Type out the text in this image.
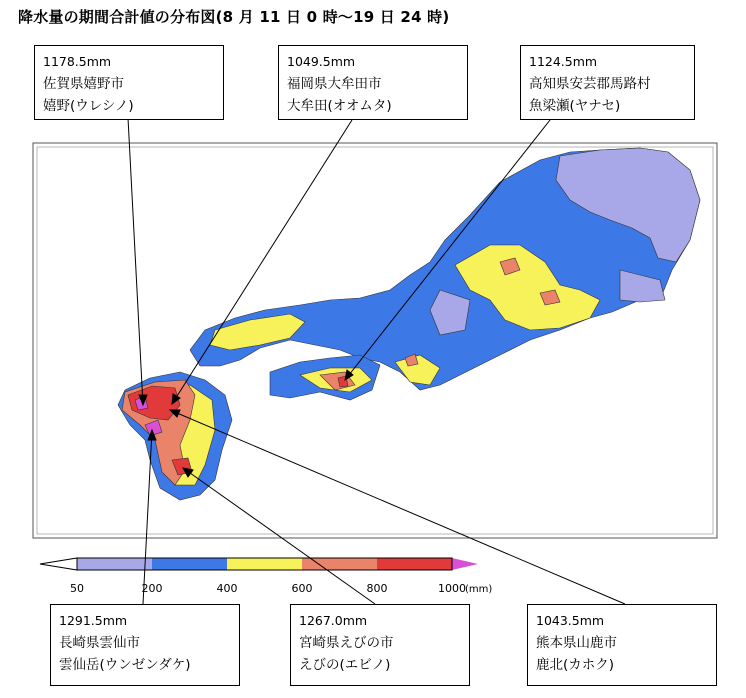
降水量の期間合計値の分布図(8 月 11 日 0 時～19 日 24 時)
1178.5mm
佐賀県嬉野市
嬉野(ウレシノ)
1049.5mm
福岡県大牟田市
大牟田(オオムタ)
1124.5mm
高知県安芸郡馬路村
魚梁瀬(ヤナセ)
1291.5mm
長崎県雲仙市
雲仙岳(ウンゼンダケ)
1267.0mm
宮崎県えびの市
えびの(エビノ)
1043.5mm
熊本県山鹿市
鹿北(カホク)
50	200	400	600	800	1000 (mm)
